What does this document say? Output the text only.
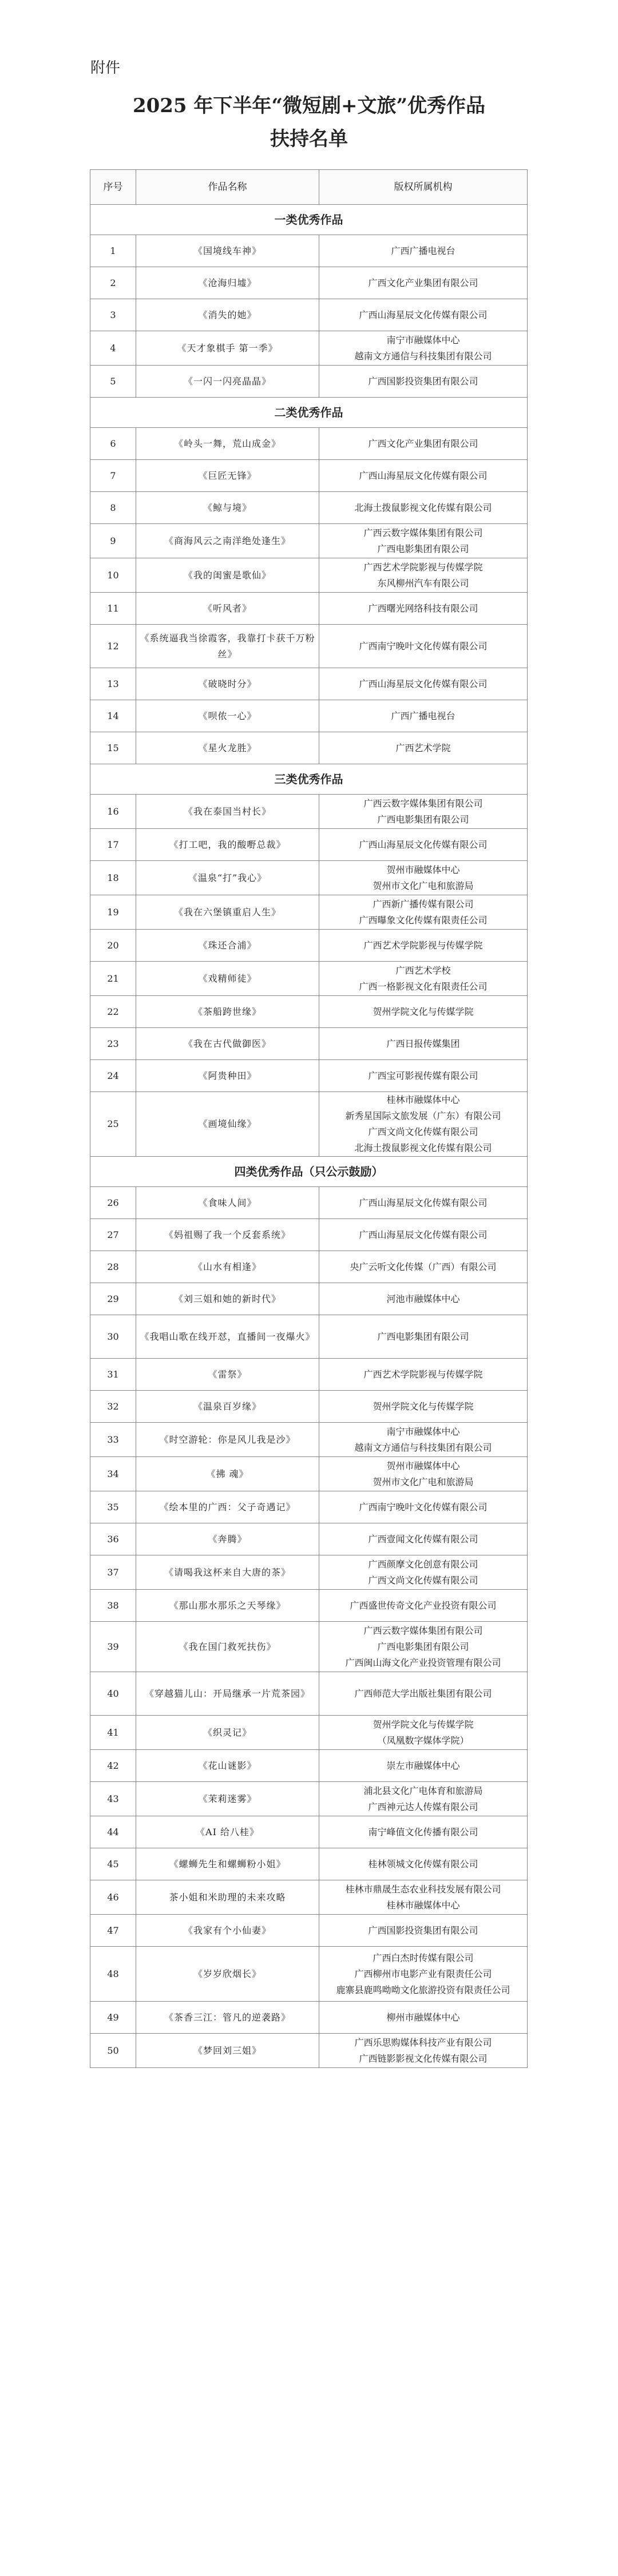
附件
2025 年下半年“微短剧+文旅”优秀作品
扶持名单
序号	作品名称	版权所属机构
一类优秀作品		
1	《国境线车神》	广西广播电视台

2	《沧海归墟》	广西文化产业集团有限公司

3	《消失的她》	广西山海星辰文化传媒有限公司

4	《天才象棋手 第一季》	南宁市融媒体中心
越南文方通信与科技集团有限公司

5	《一闪一闪亮晶晶》	广西国影投资集团有限公司

二类优秀作品		
6	《岭头一舞，荒山成金》	广西文化产业集团有限公司

7	《巨匠无锋》	广西山海星辰文化传媒有限公司

8	《鲸与境》	北海土拨鼠影视文化传媒有限公司

9	《商海风云之南洋绝处逢生》	广西云数字媒体集团有限公司
广西电影集团有限公司

10	《我的闺蜜是歌仙》	广西艺术学院影视与传媒学院
东风柳州汽车有限公司

11	《听风者》	广西曙光网络科技有限公司

12	《系统逼我当徐霞客，我靠打卡获千万粉丝》	广西南宁晚叶文化传媒有限公司

13	《破晓时分》	广西山海星辰文化传媒有限公司

14	《呗侬一心》	广西广播电视台

15	《星火龙胜》	广西艺术学院

三类优秀作品		
16	《我在泰国当村长》	广西云数字媒体集团有限公司
广西电影集团有限公司

17	《打工吧，我的酸嘢总裁》	广西山海星辰文化传媒有限公司

18	《温泉“打”我心》	贺州市融媒体中心
贺州市文化广电和旅游局

19	《我在六堡镇重启人生》	广西新广播传媒有限公司
广西曝象文化传媒有限责任公司

20	《珠还合浦》	广西艺术学院影视与传媒学院

21	《戏精师徒》	广西艺术学校
广西一格影视文化有限责任公司

22	《茶船跨世缘》	贺州学院文化与传媒学院

23	《我在古代做御医》	广西日报传媒集团

24	《阿贵种田》	广西宝可影视传媒有限公司

25	《画境仙缘》	桂林市融媒体中心
新秀星国际文旅发展（广东）有限公司
广西文尚文化传媒有限公司
北海土拨鼠影视文化传媒有限公司

四类优秀作品（只公示鼓励）		
26	《食味人间》	广西山海星辰文化传媒有限公司

27	《妈祖赐了我一个反套系统》	广西山海星辰文化传媒有限公司

28	《山水有相逢》	央广云听文化传媒（广西）有限公司

29	《刘三姐和她的新时代》	河池市融媒体中心

30	《我唱山歌在线开怼，直播间一夜爆火》	广西电影集团有限公司

31	《雷祭》	广西艺术学院影视与传媒学院

32	《温泉百岁缘》	贺州学院文化与传媒学院

33	《时空游轮：你是风儿我是沙》	南宁市融媒体中心
越南文方通信与科技集团有限公司

34	《拂 魂》	贺州市融媒体中心
贺州市文化广电和旅游局

35	《绘本里的广西：父子奇遇记》	广西南宁晚叶文化传媒有限公司

36	《奔腾》	广西壹闻文化传媒有限公司

37	《请喝我这杯来自大唐的茶》	广西颜摩文化创意有限公司
广西文尚文化传媒有限公司

38	《那山那水那乐之天琴缘》	广西盛世传奇文化产业投资有限公司

39	《我在国门救死扶伤》	广西云数字媒体集团有限公司
广西电影集团有限公司
广西闽山海文化产业投资管理有限公司

40	《穿越猫儿山：开局继承一片荒茶园》	广西师范大学出版社集团有限公司

41	《织灵记》	贺州学院文化与传媒学院
（凤凰数字媒体学院）

42	《花山谜影》	崇左市融媒体中心

43	《茉莉迷雾》	浦北县文化广电体育和旅游局
广西神元达人传媒有限公司

44	《AI 给八桂》	南宁峰值文化传播有限公司

45	《螺蛳先生和螺蛳粉小姐》	桂林领城文化传媒有限公司

46	茶小姐和米助理的未来攻略	桂林市鼎晟生态农业科技发展有限公司
桂林市融媒体中心

47	《我家有个小仙妻》	广西国影投资集团有限公司

48	《岁岁欣烟长》	广西白杰时传媒有限公司
广西柳州市电影产业有限责任公司
鹿寨县鹿鸣呦呦文化旅游投资有限责任公司

49	《茶香三江：管凡的逆袭路》	柳州市融媒体中心

50	《梦回刘三姐》	广西乐思购媒体科技产业有限公司
广西链影影视文化传媒有限公司
